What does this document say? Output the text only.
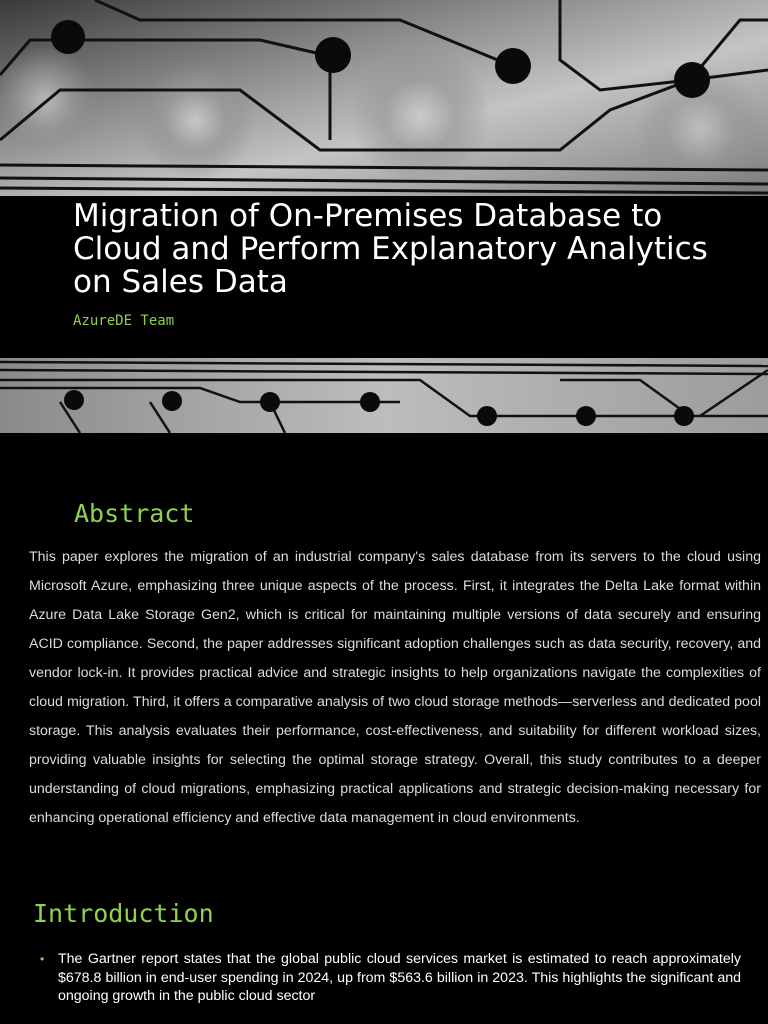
Migration of On-Premises Database to Cloud and Perform Explanatory Analytics on Sales Data

AzureDE Team

Abstract

This paper explores the migration of an industrial company's sales database from its servers to the cloud using Microsoft Azure, emphasizing three unique aspects of the process. First, it integrates the Delta Lake format within Azure Data Lake Storage Gen2, which is critical for maintaining multiple versions of data securely and ensuring ACID compliance. Second, the paper addresses significant adoption challenges such as data security, recovery, and vendor lock-in. It provides practical advice and strategic insights to help organizations navigate the complexities of cloud migration. Third, it offers a comparative analysis of two cloud storage methods—serverless and dedicated pool storage. This analysis evaluates their performance, cost-effectiveness, and suitability for different workload sizes, providing valuable insights for selecting the optimal storage strategy. Overall, this study contributes to a deeper understanding of cloud migrations, emphasizing practical applications and strategic decision-making necessary for enhancing operational efficiency and effective data management in cloud environments.

Introduction
• The Gartner report states that the global public cloud services market is estimated to reach approximately $678.8 billion in end-user spending in 2024, up from $563.6 billion in 2023. This highlights the significant and ongoing growth in the public cloud sector
